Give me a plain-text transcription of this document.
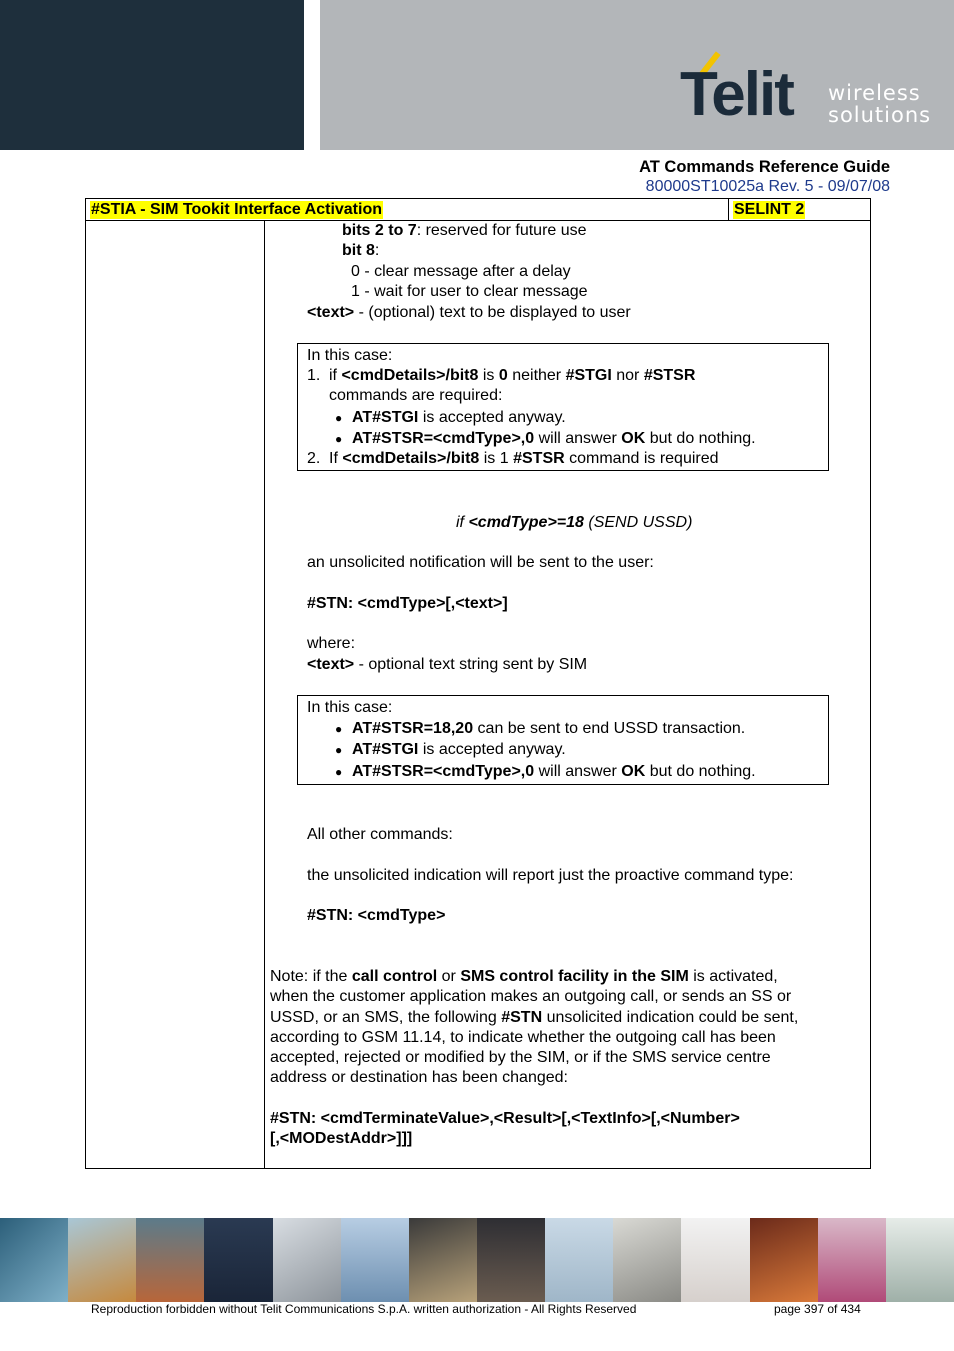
Telit wireless
solutions
AT Commands Reference Guide
80000ST10025a Rev. 5 - 09/07/08
#STIA - SIM Tookit Interface Activation	SELINT 2
bits 2 to 7: reserved for future use
bit 8:
0 - clear message after a delay
1 - wait for user to clear message
<text> - (optional) text to be displayed to user
In this case:
1. if <cmdDetails>/bit8 is 0 neither #STGI nor #STSR
commands are required:
● AT#STGI is accepted anyway.
● AT#STSR=<cmdType>,0 will answer OK but do nothing.
2. If <cmdDetails>/bit8 is 1 #STSR command is required
if <cmdType>=18 (SEND USSD)
an unsolicited notification will be sent to the user:
#STN: <cmdType>[,<text>]
where:
<text> - optional text string sent by SIM
In this case:
● AT#STSR=18,20 can be sent to end USSD transaction.
● AT#STGI is accepted anyway.
● AT#STSR=<cmdType>,0 will answer OK but do nothing.
All other commands:
the unsolicited indication will report just the proactive command type:
#STN: <cmdType>
Note: if the call control or SMS control facility in the SIM is activated,
when the customer application makes an outgoing call, or sends an SS or
USSD, or an SMS, the following #STN unsolicited indication could be sent,
according to GSM 11.14, to indicate whether the outgoing call has been
accepted, rejected or modified by the SIM, or if the SMS service centre
address or destination has been changed:
#STN: <cmdTerminateValue>,<Result>[,<TextInfo>[,<Number>
[,<MODestAddr>]]]
Reproduction forbidden without Telit Communications S.p.A. written authorization - All Rights Reserved	page 397 of 434
